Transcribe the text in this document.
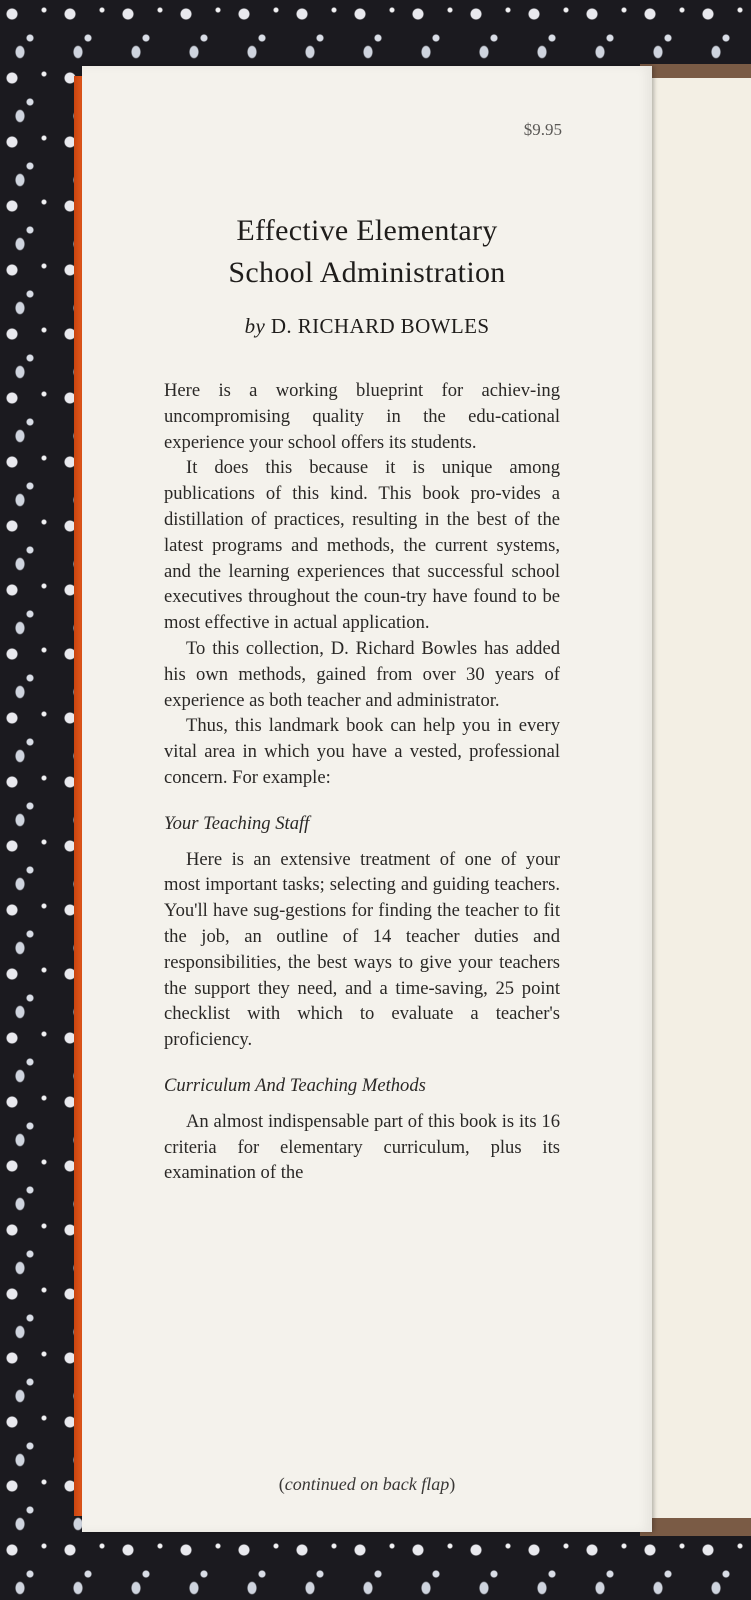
$9.95
Effective Elementary
School Administration
by D. RICHARD BOWLES

Here is a working blueprint for achiev-ing uncompromising quality in the edu-cational experience your school offers its students.

It does this because it is unique among publications of this kind. This book pro-vides a distillation of practices, resulting in the best of the latest programs and methods, the current systems, and the learning experiences that successful school executives throughout the coun-try have found to be most effective in actual application.

To this collection, D. Richard Bowles has added his own methods, gained from over 30 years of experience as both teacher and administrator.

Thus, this landmark book can help you in every vital area in which you have a vested, professional concern. For example:

Your Teaching Staff

Here is an extensive treatment of one of your most important tasks; selecting and guiding teachers. You'll have sug-gestions for finding the teacher to fit the job, an outline of 14 teacher duties and responsibilities, the best ways to give your teachers the support they need, and a time-saving, 25 point checklist with which to evaluate a teacher's proficiency.

Curriculum And Teaching Methods

An almost indispensable part of this book is its 16 criteria for elementary curriculum, plus its examination of the

(continued on back flap)
